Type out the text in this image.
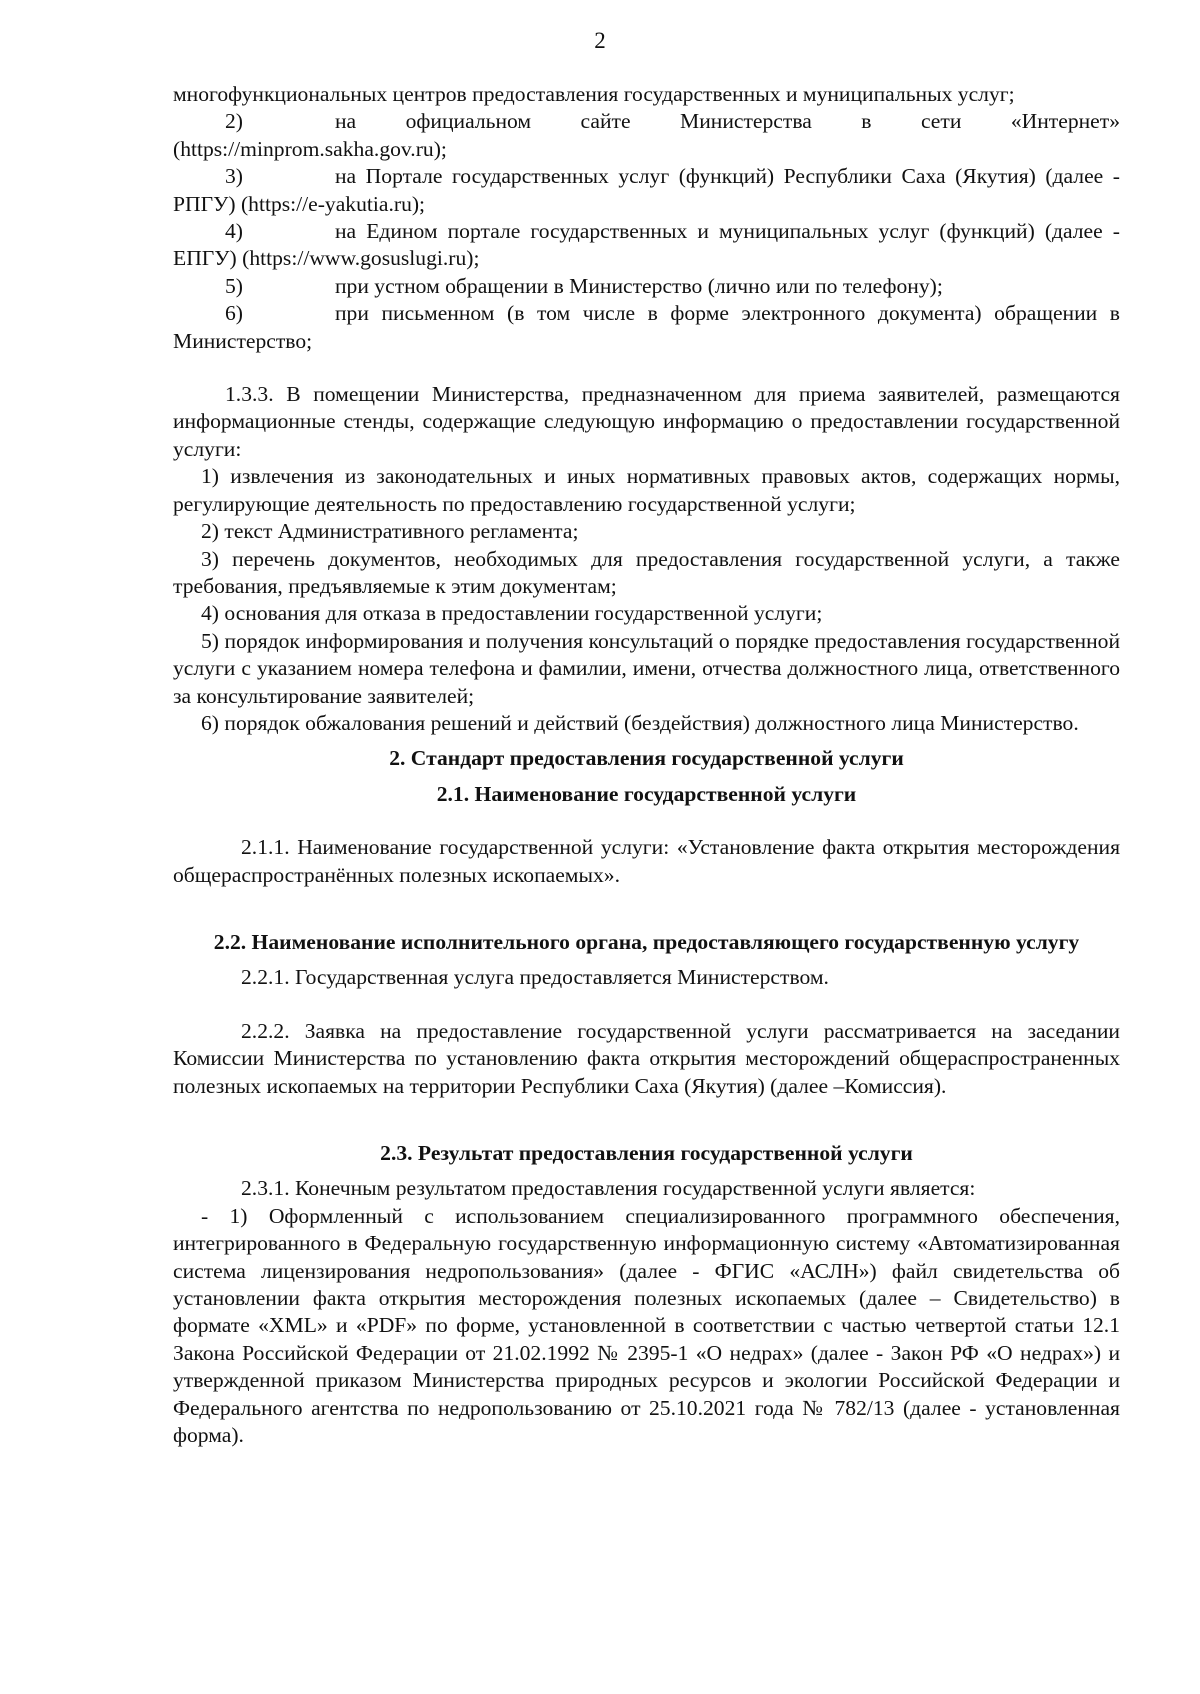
2

многофункциональных центров предоставления государственных и муниципальных услуг;

2)	на официальном сайте Министерства в сети «Интернет» (https://minprom.sakha.gov.ru);

3)	на Портале государственных услуг (функций) Республики Саха (Якутия) (далее - РПГУ) (https://e-yakutia.ru);

4)	на Едином портале государственных и муниципальных услуг (функций) (далее - ЕПГУ) (https://www.gosuslugi.ru);

5)	при устном обращении в Министерство (лично или по телефону);

6)	при письменном (в том числе в форме электронного документа) обращении в Министерство;

1.3.3. В помещении Министерства, предназначенном для приема заявителей, размещаются информационные стенды, содержащие следующую информацию о предоставлении государственной услуги:

1) извлечения из законодательных и иных нормативных правовых актов, содержащих нормы, регулирующие деятельность по предоставлению государственной услуги;

2) текст Административного регламента;

3) перечень документов, необходимых для предоставления государственной услуги, а также требования, предъявляемые к этим документам;

4) основания для отказа в предоставлении государственной услуги;

5) порядок информирования и получения консультаций о порядке предоставления государственной услуги с указанием номера телефона и фамилии, имени, отчества должностного лица, ответственного за консультирование заявителей;

6) порядок обжалования решений и действий (бездействия) должностного лица Министерство.

2. Стандарт предоставления государственной услуги

2.1. Наименование государственной услуги

2.1.1. Наименование государственной услуги: «Установление факта открытия месторождения общераспространённых полезных ископаемых».

2.2. Наименование исполнительного органа, предоставляющего государственную услугу

2.2.1. Государственная услуга предоставляется Министерством.

2.2.2. Заявка на предоставление государственной услуги рассматривается на заседании Комиссии Министерства по установлению факта открытия месторождений общераспространенных полезных ископаемых на территории Республики Саха (Якутия) (далее –Комиссия).

2.3. Результат предоставления государственной услуги

2.3.1. Конечным результатом предоставления государственной услуги является:

- 1) Оформленный с использованием специализированного программного обеспечения, интегрированного в Федеральную государственную информационную систему «Автоматизированная система лицензирования недропользования» (далее - ФГИС «АСЛН») файл свидетельства об установлении факта открытия месторождения полезных ископаемых (далее – Свидетельство) в формате «XML» и «PDF» по форме, установленной в соответствии с частью четвертой статьи 12.1 Закона Российской Федерации от 21.02.1992 № 2395-1 «О недрах» (далее - Закон РФ «О недрах») и утвержденной приказом Министерства природных ресурсов и экологии Российской Федерации и Федерального агентства по недропользованию от 25.10.2021 года № 782/13 (далее - установленная форма).
